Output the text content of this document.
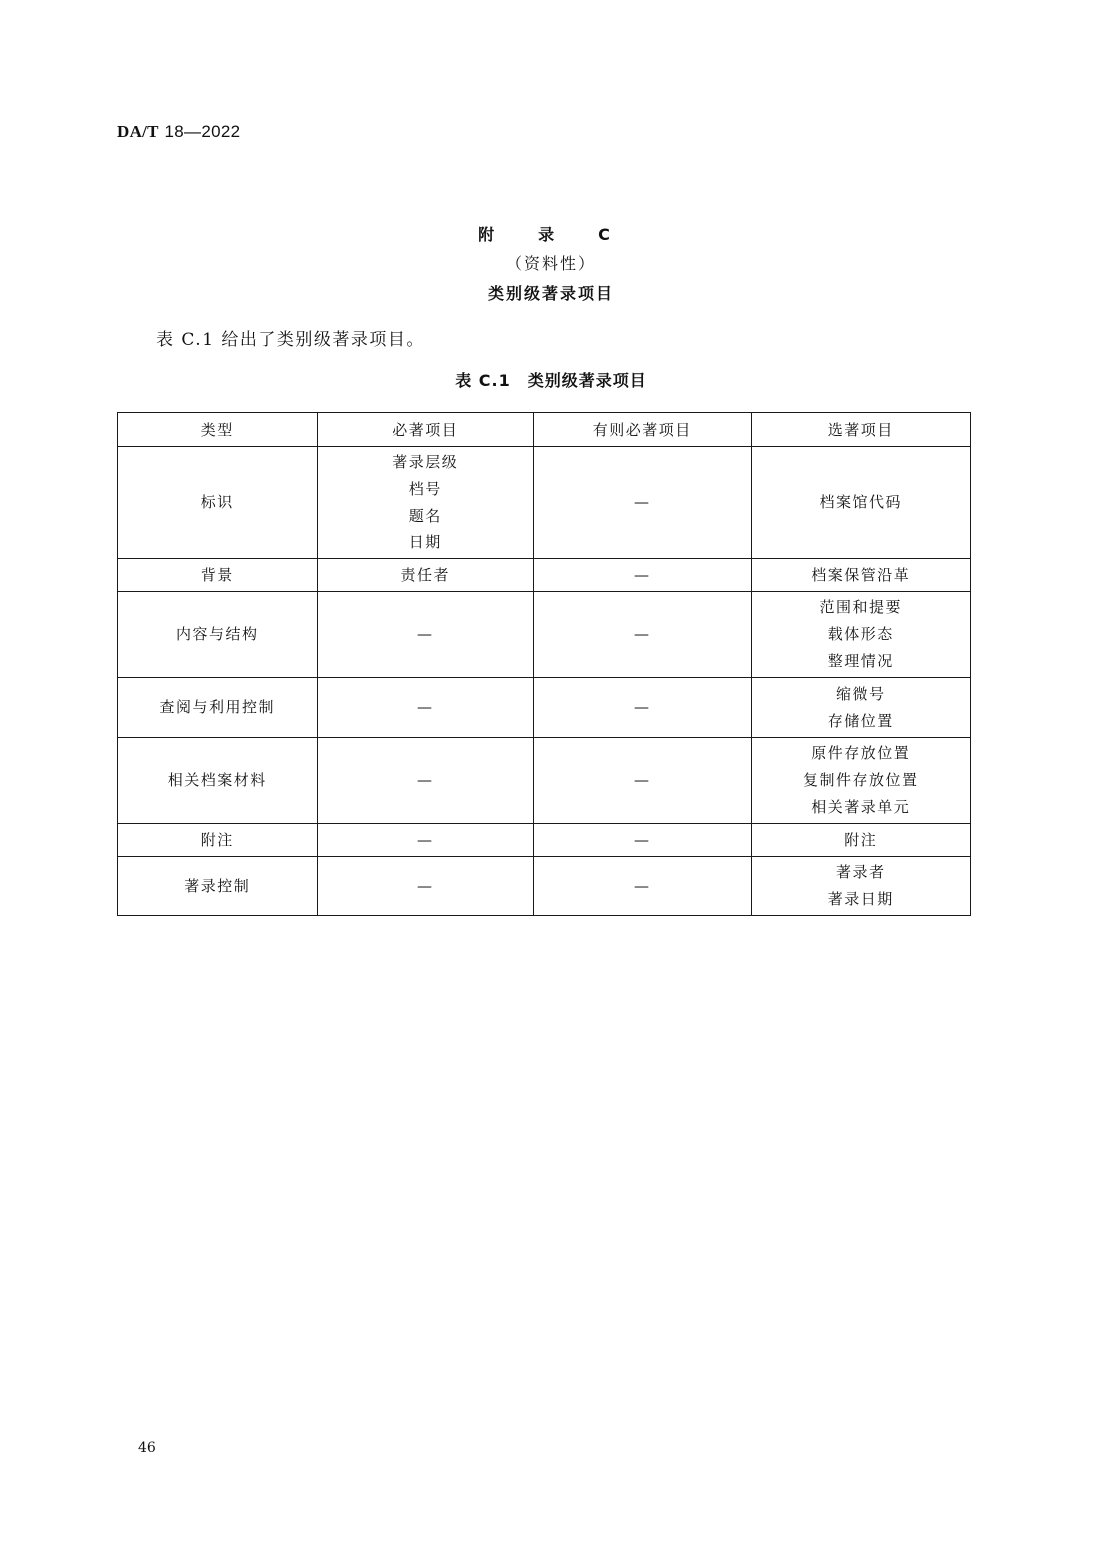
DA/T 18—2022
附　录　C
（资料性）
类别级著录项目
表 C.1 给出了类别级著录项目。
表 C.1　类别级著录项目
类型	必著项目	有则必著项目	选著项目

标识	著录层级
档号
题名
日期	—	档案馆代码

背景	责任者	—	档案保管沿革

内容与结构	—	—	范围和提要
载体形态
整理情况

查阅与利用控制	—	—	缩微号
存储位置

相关档案材料	—	—	原件存放位置
复制件存放位置
相关著录单元

附注	—	—	附注

著录控制	—	—	著录者
著录日期
46
